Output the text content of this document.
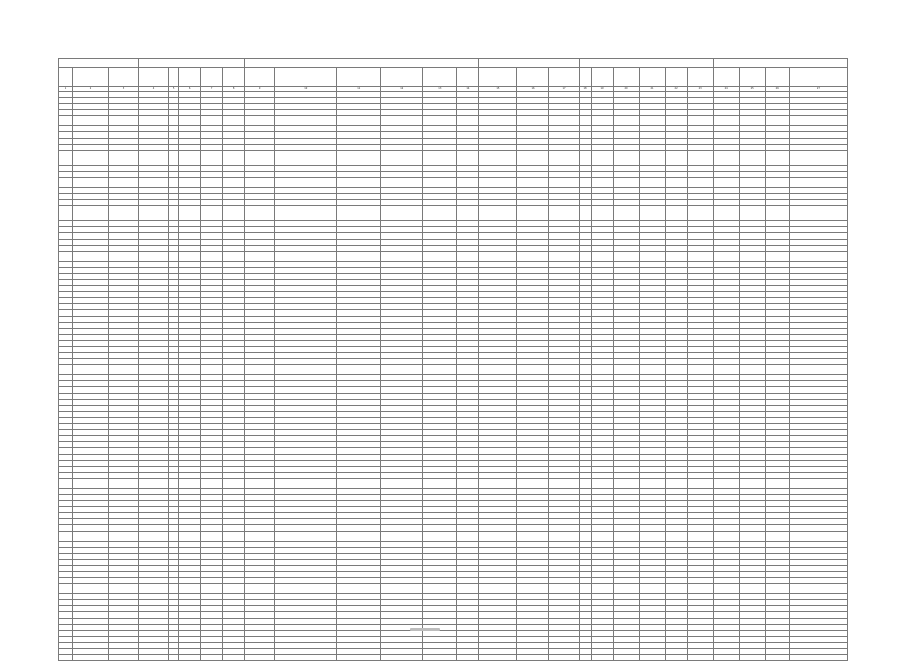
1	2	3	4	5	6	7	8	9	10	11	12	13	14	15	16	17	18	19	20	21	22	23	24	25	26	27
